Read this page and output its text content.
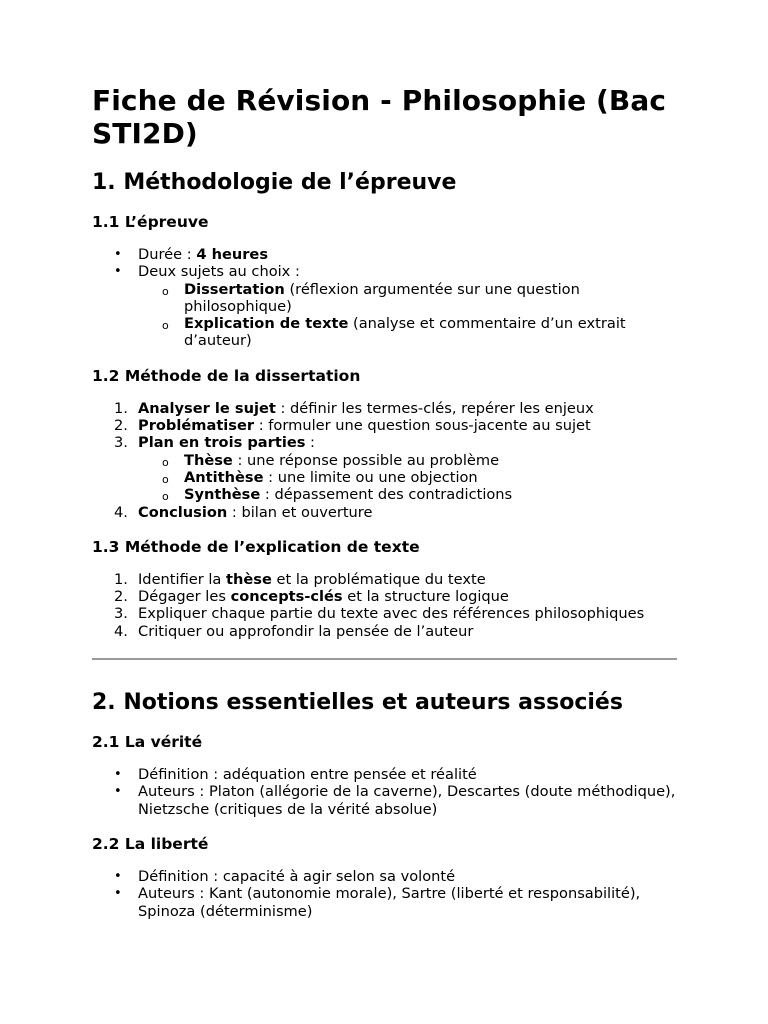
Fiche de Révision - Philosophie (Bac STI2D)
1. Méthodologie de l’épreuve
1.1 L’épreuve
• Durée : 4 heures
• Deux sujets au choix :
o Dissertation (réflexion argumentée sur une question philosophique)
o Explication de texte (analyse et commentaire d’un extrait d’auteur)
1.2 Méthode de la dissertation
1. Analyser le sujet : définir les termes-clés, repérer les enjeux
2. Problématiser : formuler une question sous-jacente au sujet
3. Plan en trois parties :
o Thèse : une réponse possible au problème
o Antithèse : une limite ou une objection
o Synthèse : dépassement des contradictions
4. Conclusion : bilan et ouverture
1.3 Méthode de l’explication de texte
1. Identifier la thèse et la problématique du texte
2. Dégager les concepts-clés et la structure logique
3. Expliquer chaque partie du texte avec des références philosophiques
4. Critiquer ou approfondir la pensée de l’auteur
2. Notions essentielles et auteurs associés
2.1 La vérité
• Définition : adéquation entre pensée et réalité
• Auteurs : Platon (allégorie de la caverne), Descartes (doute méthodique), Nietzsche (critiques de la vérité absolue)
2.2 La liberté
• Définition : capacité à agir selon sa volonté
• Auteurs : Kant (autonomie morale), Sartre (liberté et responsabilité), Spinoza (déterminisme)
